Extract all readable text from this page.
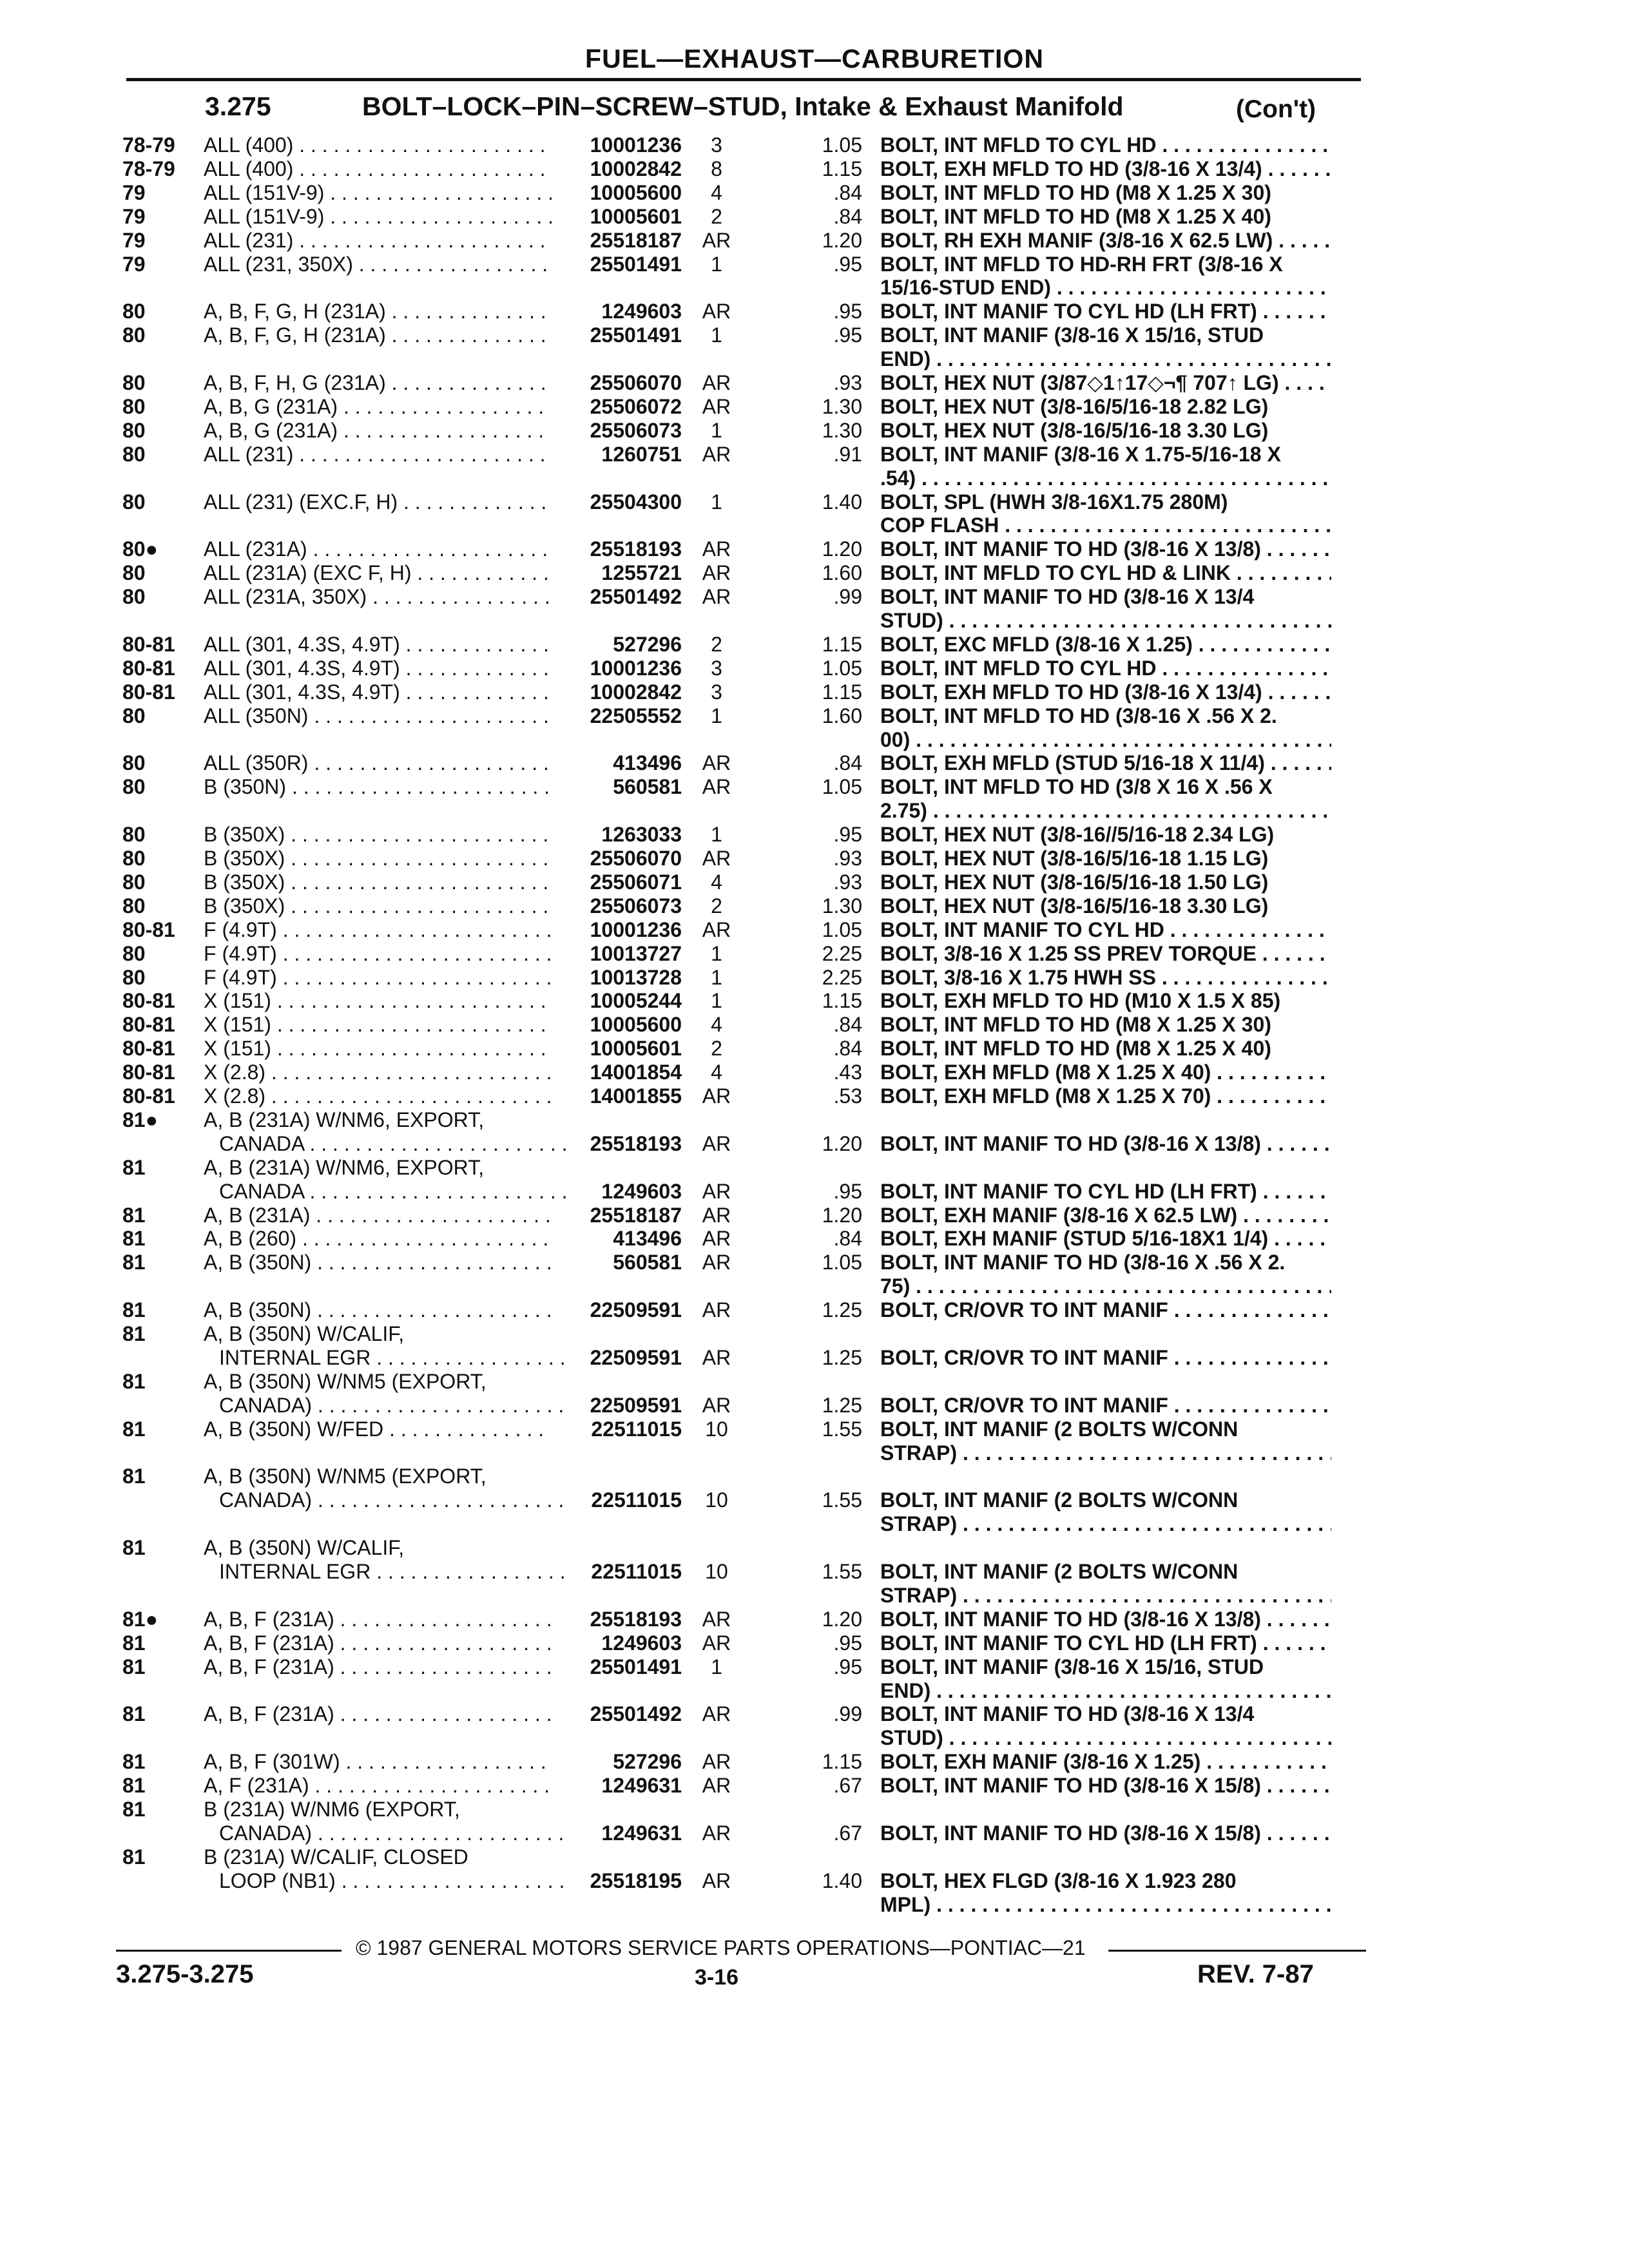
FUEL—EXHAUST—CARBURETION
3.275	BOLT–LOCK–PIN–SCREW–STUD, Intake & Exhaust Manifold	(Con't)
78-79 ALL (400) . . .	10001236	3	1.05 BOLT, INT MFLD TO CYL HD . . .
78-79 ALL (400) . . .	10002842	8	1.15 BOLT, EXH MFLD TO HD (3/8-16 X 13/4) . . .
79	ALL (151V-9) . . .	10005600	4	.84 BOLT, INT MFLD TO HD (M8 X 1.25 X 30)
79	ALL (151V-9) . . .	10005601	2	.84 BOLT, INT MFLD TO HD (M8 X 1.25 X 40)
79	ALL (231) . . .	25518187 AR	1.20 BOLT, RH EXH MANIF (3/8-16 X 62.5 LW) . . .
79	ALL (231, 350X) . . .	25501491	1	.95 BOLT, INT MFLD TO HD-RH FRT (3/8-16 X
15/16-STUD END) . . .
80	A, B, F, G, H (231A) . . .	1249603 AR	.95 BOLT, INT MANIF TO CYL HD (LH FRT) . . .
80	A, B, F, G, H (231A) . . .	25501491	1	.95 BOLT, INT MANIF (3/8-16 X 15/16, STUD
END) . . .
80	A, B, F, H, G (231A) . . .	25506070 AR	.93 BOLT, HEX NUT (3/87◇1↑17◇¬¶ 707↑ LG) . . .
80	A, B, G (231A) . . .	25506072 AR	1.30 BOLT, HEX NUT (3/8-16/5/16-18 2.82 LG)
80	A, B, G (231A) . . .	25506073	1	1.30 BOLT, HEX NUT (3/8-16/5/16-18 3.30 LG)
80	ALL (231) . . .	1260751 AR	.91 BOLT, INT MANIF (3/8-16 X 1.75-5/16-18 X
.54) . . .
80	ALL (231) (EXC.F, H) . . .	25504300	1	1.40 BOLT, SPL (HWH 3/8-16X1.75 280M)
COP FLASH . . .
80● ALL (231A) . . .	25518193 AR	1.20 BOLT, INT MANIF TO HD (3/8-16 X 13/8) . . .
80	ALL (231A) (EXC F, H) . . .	1255721 AR	1.60 BOLT, INT MFLD TO CYL HD & LINK . . .
80	ALL (231A, 350X) . . .	25501492 AR	.99 BOLT, INT MANIF TO HD (3/8-16 X 13/4
STUD) . . .
80-81 ALL (301, 4.3S, 4.9T) . . .	527296	2	1.15 BOLT, EXC MFLD (3/8-16 X 1.25) . . .
80-81 ALL (301, 4.3S, 4.9T) . . .	10001236	3	1.05 BOLT, INT MFLD TO CYL HD . . .
80-81 ALL (301, 4.3S, 4.9T) . . .	10002842	3	1.15 BOLT, EXH MFLD TO HD (3/8-16 X 13/4) . . .
80	ALL (350N) . . .	22505552	1	1.60 BOLT, INT MFLD TO HD (3/8-16 X .56 X 2.
00) . . .
80	ALL (350R) . . .	413496 AR	.84 BOLT, EXH MFLD (STUD 5/16-18 X 11/4) . . .
80	B (350N) . . .	560581 AR	1.05 BOLT, INT MFLD TO HD (3/8 X 16 X .56 X
2.75) . . .
80	B (350X) . . .	1263033	1	.95 BOLT, HEX NUT (3/8-16//5/16-18 2.34 LG)
80	B (350X) . . .	25506070 AR	.93 BOLT, HEX NUT (3/8-16/5/16-18 1.15 LG)
80	B (350X) . . .	25506071	4	.93 BOLT, HEX NUT (3/8-16/5/16-18 1.50 LG)
80	B (350X) . . .	25506073	2	1.30 BOLT, HEX NUT (3/8-16/5/16-18 3.30 LG)
80-81 F (4.9T) . . .	10001236 AR	1.05 BOLT, INT MANIF TO CYL HD . . .
80	F (4.9T) . . .	10013727	1	2.25 BOLT, 3/8-16 X 1.25 SS PREV TORQUE . . .
80	F (4.9T) . . .	10013728	1	2.25 BOLT, 3/8-16 X 1.75 HWH SS . . .
80-81 X (151) . . .	10005244	1	1.15 BOLT, EXH MFLD TO HD (M10 X 1.5 X 85)
80-81 X (151) . . .	10005600	4	.84 BOLT, INT MFLD TO HD (M8 X 1.25 X 30)
80-81 X (151) . . .	10005601	2	.84 BOLT, INT MFLD TO HD (M8 X 1.25 X 40)
80-81 X (2.8) . . .	14001854	4	.43 BOLT, EXH MFLD (M8 X 1.25 X 40) . . .
80-81 X (2.8) . . .	14001855 AR	.53 BOLT, EXH MFLD (M8 X 1.25 X 70) . . .
81● A, B (231A) W/NM6, EXPORT,
CANADA . . .	25518193 AR	1.20 BOLT, INT MANIF TO HD (3/8-16 X 13/8) . . .
81	A, B (231A) W/NM6, EXPORT,
CANADA . . .	1249603 AR	.95 BOLT, INT MANIF TO CYL HD (LH FRT) . . .
81	A, B (231A) . . .	25518187 AR	1.20 BOLT, EXH MANIF (3/8-16 X 62.5 LW) . . .
81	A, B (260) . . .	413496 AR	.84 BOLT, EXH MANIF (STUD 5/16-18X1 1/4) . . .
81	A, B (350N) . . .	560581 AR	1.05 BOLT, INT MANIF TO HD (3/8-16 X .56 X 2.
75) . . .
81	A, B (350N) . . .	22509591 AR	1.25 BOLT, CR/OVR TO INT MANIF . . .
81	A, B (350N) W/CALIF,
INTERNAL EGR . . .	22509591 AR	1.25 BOLT, CR/OVR TO INT MANIF . . .
81	A, B (350N) W/NM5 (EXPORT,
CANADA) . . .	22509591 AR	1.25 BOLT, CR/OVR TO INT MANIF . . .
81	A, B (350N) W/FED . . .	22511015	10	1.55 BOLT, INT MANIF (2 BOLTS W/CONN
STRAP) . . .
81	A, B (350N) W/NM5 (EXPORT,
CANADA) . . .	22511015	10	1.55 BOLT, INT MANIF (2 BOLTS W/CONN
STRAP) . . .
81	A, B (350N) W/CALIF,
INTERNAL EGR . . .	22511015	10	1.55 BOLT, INT MANIF (2 BOLTS W/CONN
STRAP) . . .
81● A, B, F (231A) . . .	25518193 AR	1.20 BOLT, INT MANIF TO HD (3/8-16 X 13/8) . . .
81	A, B, F (231A) . . .	1249603 AR	.95 BOLT, INT MANIF TO CYL HD (LH FRT) . . .
81	A, B, F (231A) . . .	25501491	1	.95 BOLT, INT MANIF (3/8-16 X 15/16, STUD
END) . . .
81	A, B, F (231A) . . .	25501492 AR	.99 BOLT, INT MANIF TO HD (3/8-16 X 13/4
STUD) . . .
81	A, B, F (301W) . . .	527296 AR	1.15 BOLT, EXH MANIF (3/8-16 X 1.25) . . .
81	A, F (231A) . . .	1249631 AR	.67 BOLT, INT MANIF TO HD (3/8-16 X 15/8) . . .
81	B (231A) W/NM6 (EXPORT,
CANADA) . . .	1249631 AR	.67 BOLT, INT MANIF TO HD (3/8-16 X 15/8) . . .
81	B (231A) W/CALIF, CLOSED
LOOP (NB1) . . .	25518195 AR	1.40 BOLT, HEX FLGD (3/8-16 X 1.923 280
MPL) . . .
© 1987 GENERAL MOTORS SERVICE PARTS OPERATIONS—PONTIAC—21
3.275-3.275	3-16	REV. 7-87
